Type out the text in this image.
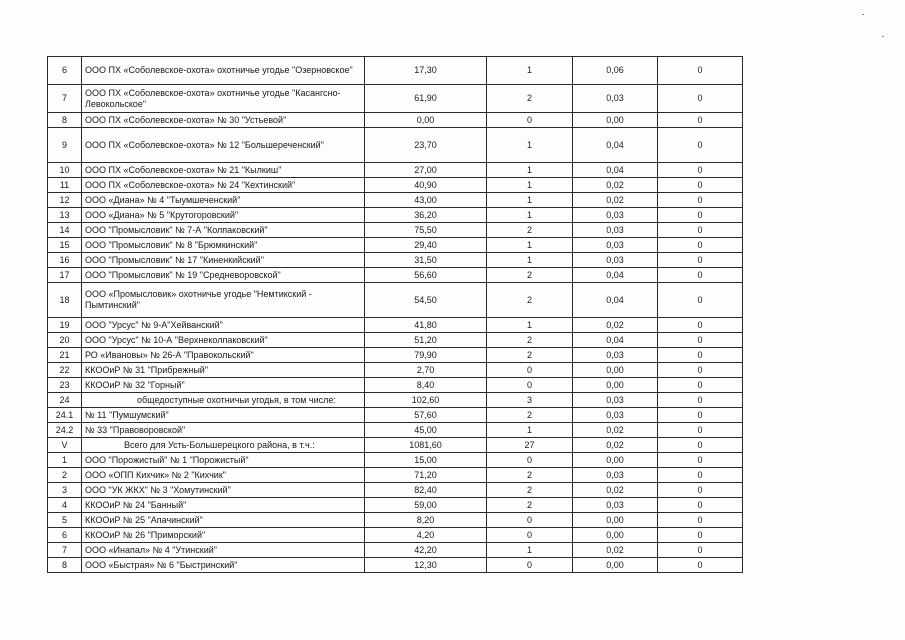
6	ООО ПХ «Соболевское-охота» охотничье угодье "Озерновское"	17,30	1	0,06	0
7	ООО ПХ «Соболевское-охота» охотничье угодье "Касангсно-Левокольское"	61,90	2	0,03	0
8	ООО ПХ «Соболевское-охота» № 30 "Устьевой"	0,00	0	0,00	0
9	ООО ПХ «Соболевское-охота» № 12 "Большереченский"	23,70	1	0,04	0
10	ООО ПХ «Соболевское-охота» № 21 "Кылкиш"	27,00	1	0,04	0
11	ООО ПХ «Соболевское-охота» № 24 "Кехтинский"	40,90	1	0,02	0
12	ООО «Диана» № 4 "Тыумшеченский"	43,00	1	0,02	0
13	ООО «Диана» № 5 "Крутогоровский"	36,20	1	0,03	0
14	ООО "Промысловик" № 7-А "Колпаковский"	75,50	2	0,03	0
15	ООО "Промысловик" № 8 "Брюмкинский"	29,40	1	0,03	0
16	ООО "Промысловик" № 17 "Киненкийский"	31,50	1	0,03	0
17	ООО "Промысловик" № 19 "Средневоровской"	56,60	2	0,04	0
18	ООО «Промысловик» охотничье угодье "Немтикский - Пымтинский"	54,50	2	0,04	0
19	ООО "Урсус" № 9-А"Хейванский"	41,80	1	0,02	0
20	ООО "Урсус" № 10-А "Верхнеколпаковский"	51,20	2	0,04	0
21	РО «Ивановы» № 26-А "Правокольский"	79,90	2	0,03	0
22	ККООиР № 31 "Прибрежный"	2,70	0	0,00	0
23	ККООиР № 32 "Горный"	8,40	0	0,00	0
24	общедоступные охотничьи угодья, в том числе:	102,60	3	0,03	0
24.1	№ 11 "Пумшумский"	57,60	2	0,03	0
24.2	№ 33 "Правоворовской"	45,00	1	0,02	0
V	Всего для Усть-Большерецкого района, в т.ч.:	1081,60	27	0,02	0
1	ООО "Порожистый" № 1 "Порожистый"	15,00	0	0,00	0
2	ООО «ОПП Кихчик» № 2 "Кихчик"	71,20	2	0,03	0
3	ООО "УК ЖКХ" № 3 "Хомутинский"	82,40	2	0,02	0
4	ККООиР № 24 "Банный"	59,00	2	0,03	0
5	ККООиР № 25 "Апачинский"	8,20	0	0,00	0
6	ККООиР № 26 "Приморский"	4,20	0	0,00	0
7	ООО «Инапал» № 4 "Утинский"	42,20	1	0,02	0
8	ООО «Быстрая» № 6 "Быстринский"	12,30	0	0,00	0
